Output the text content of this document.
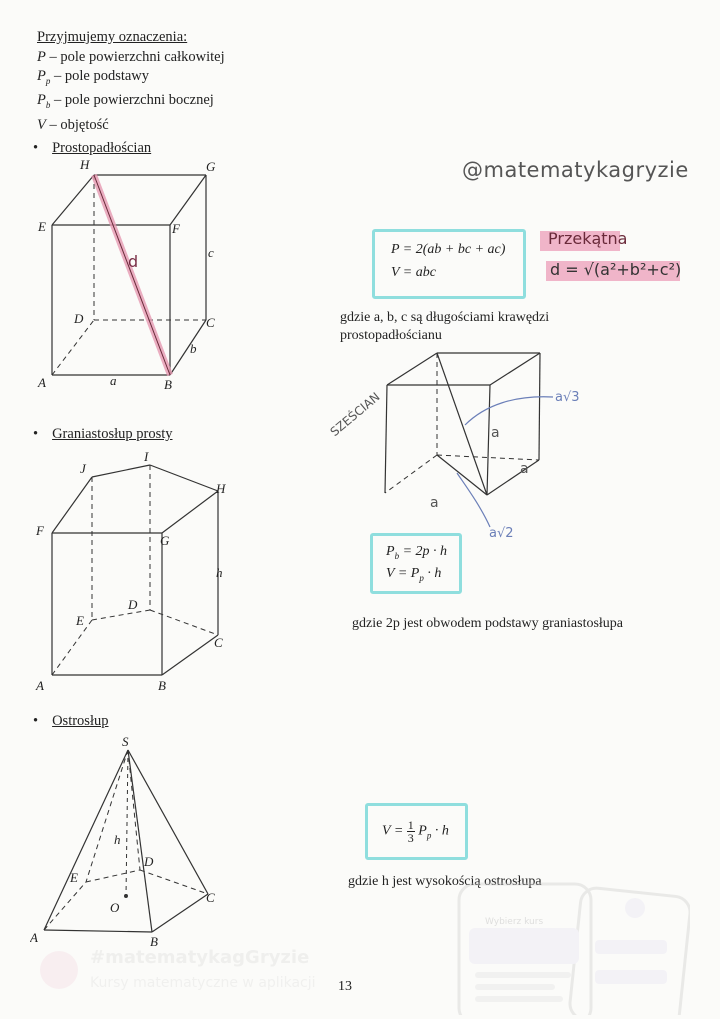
Przyjmujemy oznaczenia:
P – pole powierzchni całkowitej
$P_p$ – pole podstawy
$P_b$ – pole powierzchni bocznej
V – objętość
@matematykagryzie
• Prostopadłościan
• Graniastosłup prosty
• Ostrosłup
H	G
E	F
D	C
A	B
a
b
c
d
P = 2(ab + bc + ac)
V = abc
Przekątna
d = √(a²+b²+c²)
gdzie a, b, c są długościami krawędzi
prostopadłościanu
SZEŚCIAN
a
a
a
a√3
a√2
J
I
H
F
G
E
D
C
A	B
h
$P_b = 2p \cdot h$
$V = P_p \cdot h$
gdzie 2p jest obwodem podstawy graniastosłupa
S
h
D
E
O
C
A	B
$V = \frac{1}{3} P_p \cdot h$
gdzie h jest wysokością ostrosłupa
Wybierz kurs
#matematykagGryzie
Kursy matematyczne w aplikacji 13
